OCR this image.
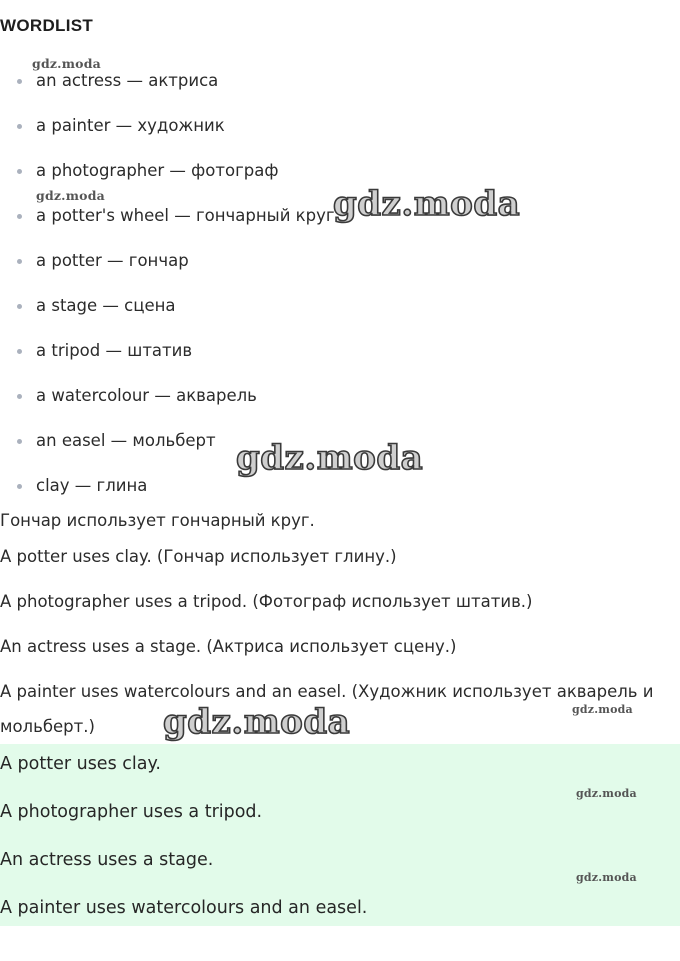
WORDLIST
an actress — актриса
a painter — художник
a photographer — фотограф
a potter's wheel — гончарный круг
a potter — гончар
a stage — сцена
a tripod — штатив
a watercolour — акварель
an easel — мольберт
clay — глина

Гончар использует гончарный круг.

A potter uses clay. (Гончар использует глину.)

A photographer uses a tripod. (Фотограф использует штатив.)

An actress uses a stage. (Актриса использует сцену.)

A painter uses watercolours and an easel. (Художник использует акварель и мольберт.)

A potter uses clay.

A photographer uses a tripod.

An actress uses a stage.

A painter uses watercolours and an easel.

gdz.moda
gdz.moda
gdz.moda
gdz.moda
gdz.moda
gdz.moda
gdz.moda
gdz.moda
